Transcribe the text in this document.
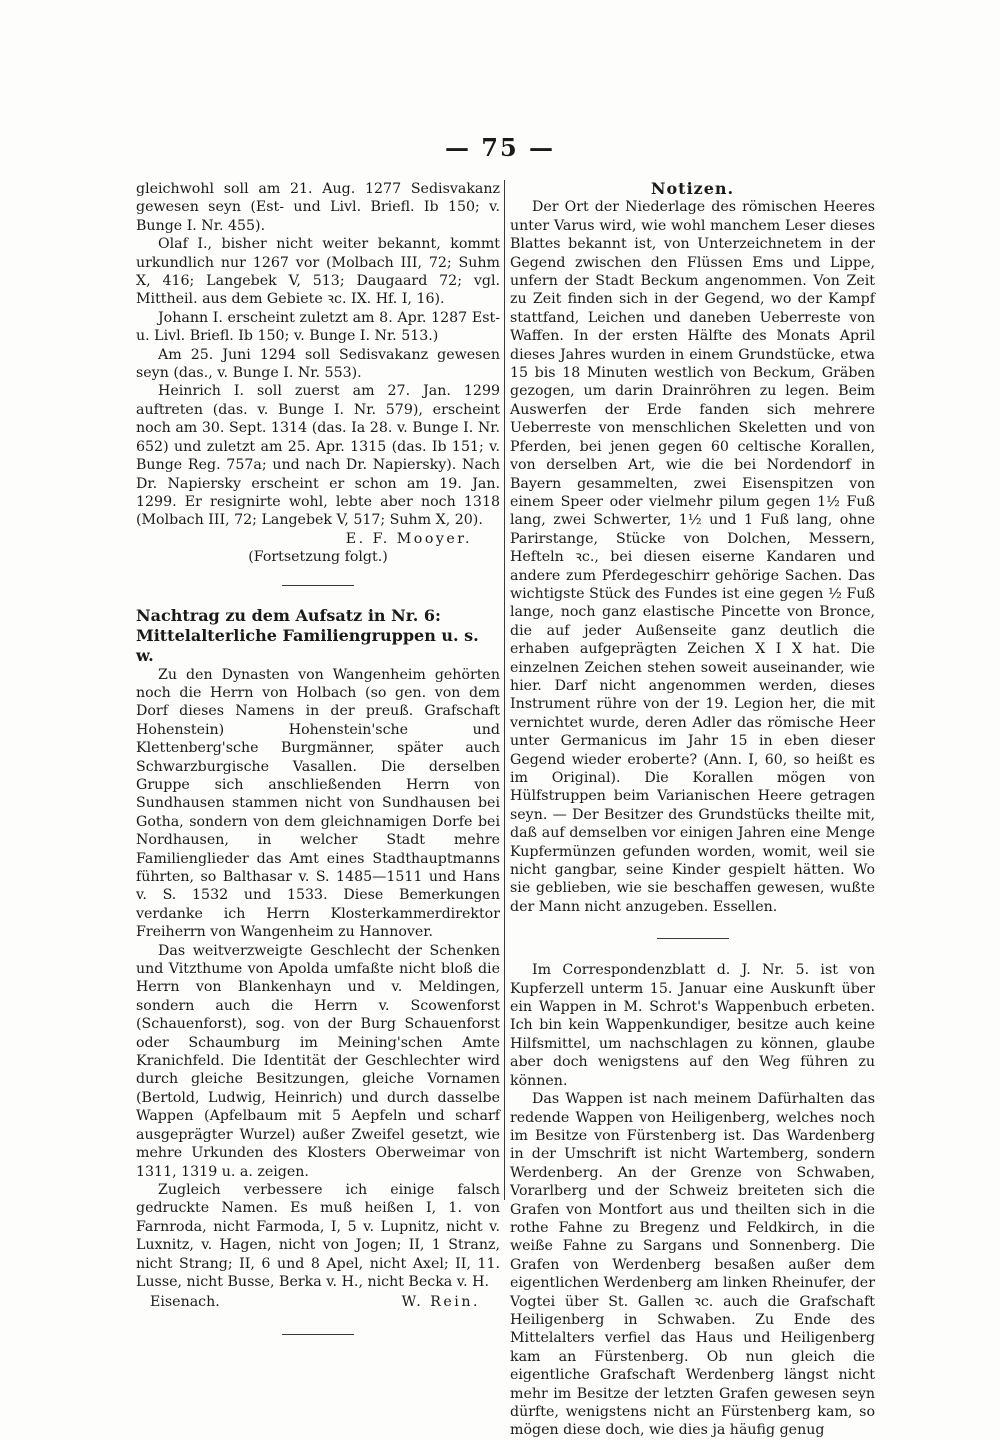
— 75 —

gleichwohl soll am 21. Aug. 1277 Sedisvakanz gewesen seyn (Est- und Livl. Briefl. Ib 150; v. Bunge I. Nr. 455).

Olaf I., bisher nicht weiter bekannt, kommt urkundlich nur 1267 vor (Molbach III, 72; Suhm X, 416; Langebek V, 513; Daugaard 72; vgl. Mittheil. aus dem Gebiete ꝛc. IX. Hf. I, 16).

Johann I. erscheint zuletzt am 8. Apr. 1287 Est- u. Livl. Briefl. Ib 150; v. Bunge I. Nr. 513.)

Am 25. Juni 1294 soll Sedisvakanz gewesen seyn (das., v. Bunge I. Nr. 553).

Heinrich I. soll zuerst am 27. Jan. 1299 auftreten (das. v. Bunge I. Nr. 579), erscheint noch am 30. Sept. 1314 (das. Ia 28. v. Bunge I. Nr. 652) und zuletzt am 25. Apr. 1315 (das. Ib 151; v. Bunge Reg. 757a; und nach Dr. Napiersky). Nach Dr. Napiersky erscheint er schon am 19. Jan. 1299. Er resignirte wohl, lebte aber noch 1318 (Molbach III, 72; Langebek V, 517; Suhm X, 20).

E. F. Mooyer.

(Fortsetzung folgt.)

Nachtrag zu dem Aufsatz in Nr. 6: Mittelalterliche Familiengruppen u. s. w.

Zu den Dynasten von Wangenheim gehörten noch die Herrn von Holbach (so gen. von dem Dorf dieses Namens in der preuß. Grafschaft Hohenstein) Hohenstein'sche und Klettenberg'sche Burgmänner, später auch Schwarzburgische Vasallen. Die derselben Gruppe sich anschließenden Herrn von Sundhausen stammen nicht von Sundhausen bei Gotha, sondern von dem gleichnamigen Dorfe bei Nordhausen, in welcher Stadt mehre Familienglieder das Amt eines Stadthauptmanns führten, so Balthasar v. S. 1485—1511 und Hans v. S. 1532 und 1533. Diese Bemerkungen verdanke ich Herrn Klosterkammerdirektor Freiherrn von Wangenheim zu Hannover.

Das weitverzweigte Geschlecht der Schenken und Vitzthume von Apolda umfaßte nicht bloß die Herrn von Blankenhayn und v. Meldingen, sondern auch die Herrn v. Scowenforst (Schauenforst), sog. von der Burg Schauenforst oder Schaumburg im Meining'schen Amte Kranichfeld. Die Identität der Geschlechter wird durch gleiche Besitzungen, gleiche Vornamen (Bertold, Ludwig, Heinrich) und durch dasselbe Wappen (Apfelbaum mit 5 Aepfeln und scharf ausgeprägter Wurzel) außer Zweifel gesetzt, wie mehre Urkunden des Klosters Oberweimar von 1311, 1319 u. a. zeigen.

Zugleich verbessere ich einige falsch gedruckte Namen. Es muß heißen I, 1. von Farnroda, nicht Farmoda, I, 5 v. Lupnitz, nicht v. Luxnitz, v. Hagen, nicht von Jogen; II, 1 Stranz, nicht Strang; II, 6 und 8 Apel, nicht Axel; II, 11. Lusse, nicht Busse, Berka v. H., nicht Becka v. H.

Eisenach.	W. Rein.

Notizen.

Der Ort der Niederlage des römischen Heeres unter Varus wird, wie wohl manchem Leser dieses Blattes bekannt ist, von Unterzeichnetem in der Gegend zwischen den Flüssen Ems und Lippe, unfern der Stadt Beckum angenommen. Von Zeit zu Zeit finden sich in der Gegend, wo der Kampf stattfand, Leichen und daneben Ueberreste von Waffen. In der ersten Hälfte des Monats April dieses Jahres wurden in einem Grundstücke, etwa 15 bis 18 Minuten westlich von Beckum, Gräben gezogen, um darin Drainröhren zu legen. Beim Auswerfen der Erde fanden sich mehrere Ueberreste von menschlichen Skeletten und von Pferden, bei jenen gegen 60 celtische Korallen, von derselben Art, wie die bei Nordendorf in Bayern gesammelten, zwei Eisenspitzen von einem Speer oder vielmehr pilum gegen 1½ Fuß lang, zwei Schwerter, 1½ und 1 Fuß lang, ohne Parirstange, Stücke von Dolchen, Messern, Hefteln ꝛc., bei diesen eiserne Kandaren und andere zum Pferdegeschirr gehörige Sachen. Das wichtigste Stück des Fundes ist eine gegen ½ Fuß lange, noch ganz elastische Pincette von Bronce, die auf jeder Außenseite ganz deutlich die erhaben aufgeprägten Zeichen X I X hat. Die einzelnen Zeichen stehen soweit auseinander, wie hier. Darf nicht angenommen werden, dieses Instrument rühre von der 19. Legion her, die mit vernichtet wurde, deren Adler das römische Heer unter Germanicus im Jahr 15 in eben dieser Gegend wieder eroberte? (Ann. I, 60, so heißt es im Original). Die Korallen mögen von Hülfstruppen beim Varianischen Heere getragen seyn. — Der Besitzer des Grundstücks theilte mit, daß auf demselben vor einigen Jahren eine Menge Kupfermünzen gefunden worden, womit, weil sie nicht gangbar, seine Kinder gespielt hätten. Wo sie geblieben, wie sie beschaffen gewesen, wußte der Mann nicht anzugeben. Essellen.

Im Correspondenzblatt d. J. Nr. 5. ist von Kupferzell unterm 15. Januar eine Auskunft über ein Wappen in M. Schrot's Wappenbuch erbeten. Ich bin kein Wappenkundiger, besitze auch keine Hilfsmittel, um nachschlagen zu können, glaube aber doch wenigstens auf den Weg führen zu können.

Das Wappen ist nach meinem Dafürhalten das redende Wappen von Heiligenberg, welches noch im Besitze von Fürstenberg ist. Das Wardenberg in der Umschrift ist nicht Wartemberg, sondern Werdenberg. An der Grenze von Schwaben, Vorarlberg und der Schweiz breiteten sich die Grafen von Montfort aus und theilten sich in die rothe Fahne zu Bregenz und Feldkirch, in die weiße Fahne zu Sargans und Sonnenberg. Die Grafen von Werdenberg besaßen außer dem eigentlichen Werdenberg am linken Rheinufer, der Vogtei über St. Gallen ꝛc. auch die Grafschaft Heiligenberg in Schwaben. Zu Ende des Mittelalters verfiel das Haus und Heiligenberg kam an Fürstenberg. Ob nun gleich die eigentliche Grafschaft Werdenberg längst nicht mehr im Besitze der letzten Grafen gewesen seyn dürfte, wenigstens nicht an Fürstenberg kam, so mögen diese doch, wie dies ja häufig genug
